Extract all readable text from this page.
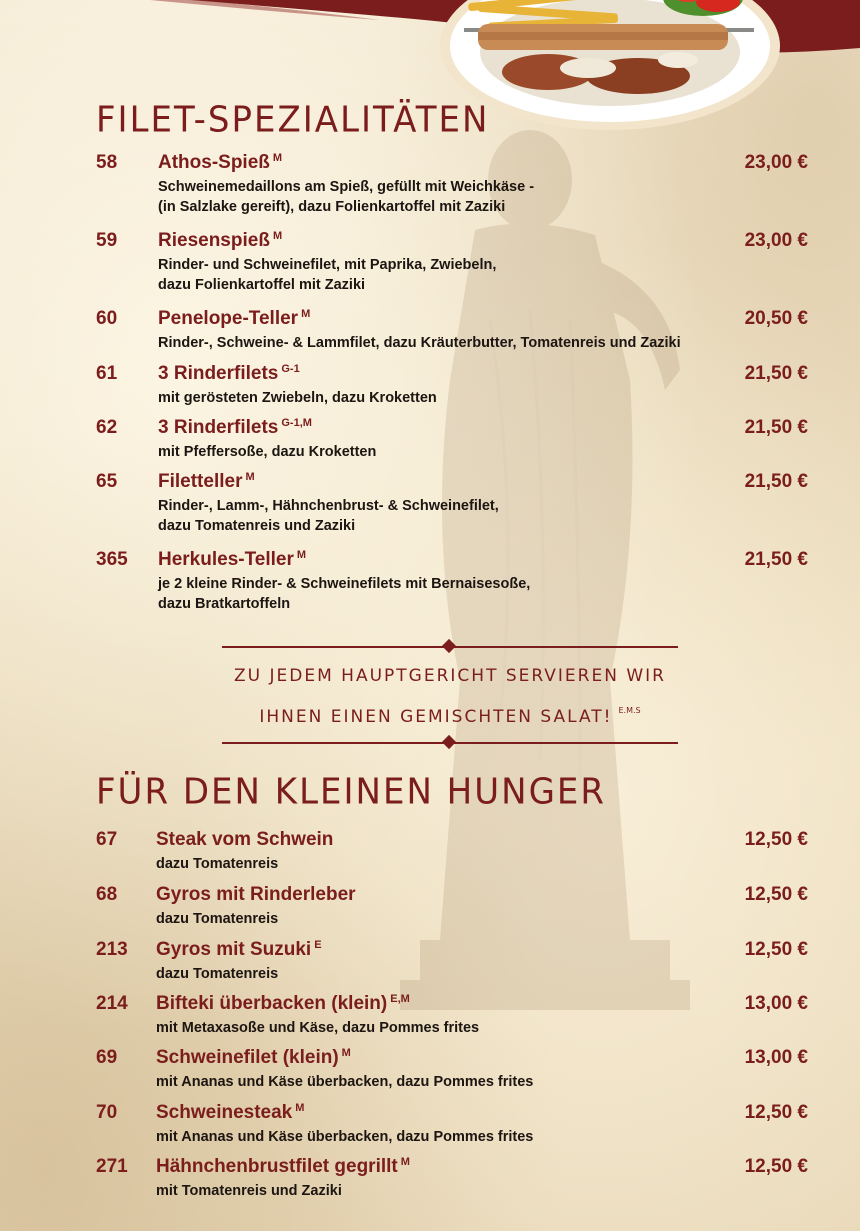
FILET-SPEZIALITÄTEN
58 Athos-Spieß $^M$	23,00 €
Schweinemedaillons am Spieß, gefüllt mit Weichkäse -
(in Salzlake gereift), dazu Folienkartoffel mit Zaziki
59 Riesenspieß $^M$	23,00 €
Rinder- und Schweinefilet, mit Paprika, Zwiebeln,
dazu Folienkartoffel mit Zaziki
60 Penelope-Teller $^M$	20,50 €
Rinder-, Schweine- & Lammfilet, dazu Kräuterbutter, Tomatenreis und Zaziki
61 3 Rinderfilets $^{G-1}$	21,50 €
mit gerösteten Zwiebeln, dazu Kroketten
62 3 Rinderfilets $^{G-1,M}$	21,50 €
mit Pfeffersoße, dazu Kroketten
65 Filetteller $^M$	21,50 €
Rinder-, Lamm-, Hähnchenbrust- & Schweinefilet,
dazu Tomatenreis und Zaziki
365 Herkules-Teller $^M$	21,50 €
je 2 kleine Rinder- & Schweinefilets mit Bernaisesoße,
dazu Bratkartoffeln
ZU JEDEM HAUPTGERICHT SERVIEREN WIR
IHNEN EINEN GEMISCHTEN SALAT! $^{E.M.S}$
FÜR DEN KLEINEN HUNGER
67 Steak vom Schwein	12,50 €
dazu Tomatenreis
68 Gyros mit Rinderleber	12,50 €
dazu Tomatenreis
213 Gyros mit Suzuki $^E$	12,50 €
dazu Tomatenreis
214 Bifteki überbacken (klein) $^{E,M}$	13,00 €
mit Metaxasoße und Käse, dazu Pommes frites
69 Schweinefilet (klein) $^M$	13,00 €
mit Ananas und Käse überbacken, dazu Pommes frites
70 Schweinesteak $^M$	12,50 €
mit Ananas und Käse überbacken, dazu Pommes frites
271 Hähnchenbrustfilet gegrillt $^M$	12,50 €
mit Tomatenreis und Zaziki
